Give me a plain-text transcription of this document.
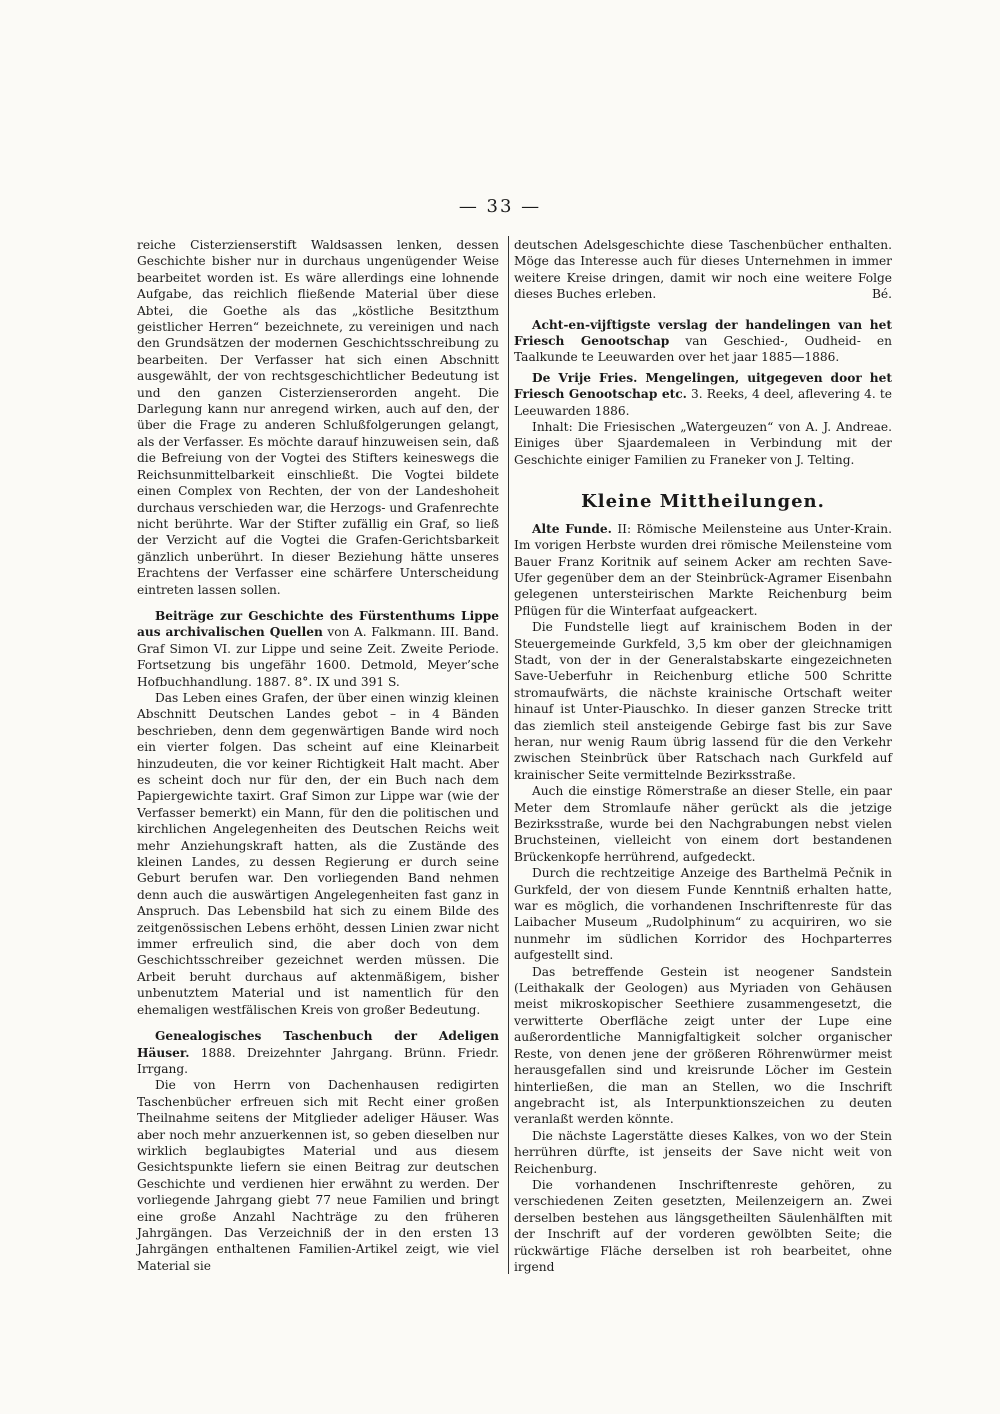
— 33 —

reiche Cisterzienserstift Waldsassen lenken, dessen Geschichte bisher nur in durchaus ungenügender Weise bearbeitet worden ist. Es wäre allerdings eine lohnende Aufgabe, das reichlich fließende Material über diese Abtei, die Goethe als das „köstliche Besitzthum geistlicher Herren“ bezeichnete, zu vereinigen und nach den Grundsätzen der modernen Geschichtsschreibung zu bearbeiten. Der Verfasser hat sich einen Abschnitt ausgewählt, der von rechtsgeschichtlicher Bedeutung ist und den ganzen Cisterzienserorden angeht. Die Darlegung kann nur anregend wirken, auch auf den, der über die Frage zu anderen Schlußfolgerungen gelangt, als der Verfasser. Es möchte darauf hinzuweisen sein, daß die Befreiung von der Vogtei des Stifters keineswegs die Reichsunmittelbarkeit einschließt. Die Vogtei bildete einen Complex von Rechten, der von der Landeshoheit durchaus verschieden war, die Herzogs- und Grafenrechte nicht berührte. War der Stifter zufällig ein Graf, so ließ der Verzicht auf die Vogtei die Grafen-Gerichtsbarkeit gänzlich unberührt. In dieser Beziehung hätte unseres Erachtens der Verfasser eine schärfere Unterscheidung eintreten lassen sollen.

Beiträge zur Geschichte des Fürstenthums Lippe aus archivalischen Quellen von A. Falkmann. III. Band. Graf Simon VI. zur Lippe und seine Zeit. Zweite Periode. Fortsetzung bis ungefähr 1600. Detmold, Meyer’sche Hofbuchhandlung. 1887. 8°. IX und 391 S.

Das Leben eines Grafen, der über einen winzig kleinen Abschnitt Deutschen Landes gebot – in 4 Bänden beschrieben, denn dem gegenwärtigen Bande wird noch ein vierter folgen. Das scheint auf eine Kleinarbeit hinzudeuten, die vor keiner Richtigkeit Halt macht. Aber es scheint doch nur für den, der ein Buch nach dem Papiergewichte taxirt. Graf Simon zur Lippe war (wie der Verfasser bemerkt) ein Mann, für den die politischen und kirchlichen Angelegenheiten des Deutschen Reichs weit mehr Anziehungskraft hatten, als die Zustände des kleinen Landes, zu dessen Regierung er durch seine Geburt berufen war. Den vorliegenden Band nehmen denn auch die auswärtigen Angelegenheiten fast ganz in Anspruch. Das Lebensbild hat sich zu einem Bilde des zeitgenössischen Lebens erhöht, dessen Linien zwar nicht immer erfreulich sind, die aber doch von dem Geschichtsschreiber gezeichnet werden müssen. Die Arbeit beruht durchaus auf aktenmäßigem, bisher unbenutztem Material und ist namentlich für den ehemaligen westfälischen Kreis von großer Bedeutung.

Genealogisches Taschenbuch der Adeligen Häuser. 1888. Dreizehnter Jahrgang. Brünn. Friedr. Irrgang.

Die von Herrn von Dachenhausen redigirten Taschenbücher erfreuen sich mit Recht einer großen Theilnahme seitens der Mitglieder adeliger Häuser. Was aber noch mehr anzuerkennen ist, so geben dieselben nur wirklich beglaubigtes Material und aus diesem Gesichtspunkte liefern sie einen Beitrag zur deutschen Geschichte und verdienen hier erwähnt zu werden. Der vorliegende Jahrgang giebt 77 neue Familien und bringt eine große Anzahl Nachträge zu den früheren Jahrgängen. Das Verzeichniß der in den ersten 13 Jahrgängen enthaltenen Familien-Artikel zeigt, wie viel Material sie

deutschen Adelsgeschichte diese Taschenbücher enthalten. Möge das Interesse auch für dieses Unternehmen in immer weitere Kreise dringen, damit wir noch eine weitere Folge dieses Buches erleben.	Bé.

Acht-en-vijftigste verslag der handelingen van het Friesch Genootschap van Geschied-, Oudheid- en Taalkunde te Leeuwarden over het jaar 1885—1886.

De Vrije Fries. Mengelingen, uitgegeven door het Friesch Genootschap etc. 3. Reeks, 4 deel, aflevering 4. te Leeuwarden 1886.

Inhalt: Die Friesischen „Watergeuzen“ von A. J. Andreae. Einiges über Sjaardemaleen in Verbindung mit der Geschichte einiger Familien zu Franeker von J. Telting.

Kleine Mittheilungen.

Alte Funde. II: Römische Meilensteine aus Unter-Krain. Im vorigen Herbste wurden drei römische Meilensteine vom Bauer Franz Koritnik auf seinem Acker am rechten Save-Ufer gegenüber dem an der Steinbrück-Agramer Eisenbahn gelegenen untersteirischen Markte Reichenburg beim Pflügen für die Winterfaat aufgeackert.

Die Fundstelle liegt auf krainischem Boden in der Steuergemeinde Gurkfeld, 3,5 km ober der gleichnamigen Stadt, von der in der Generalstabskarte eingezeichneten Save-Ueberfuhr in Reichenburg etliche 500 Schritte stromaufwärts, die nächste krainische Ortschaft weiter hinauf ist Unter-Piauschko. In dieser ganzen Strecke tritt das ziemlich steil ansteigende Gebirge fast bis zur Save heran, nur wenig Raum übrig lassend für die den Verkehr zwischen Steinbrück über Ratschach nach Gurkfeld auf krainischer Seite vermittelnde Bezirksstraße.

Auch die einstige Römerstraße an dieser Stelle, ein paar Meter dem Stromlaufe näher gerückt als die jetzige Bezirksstraße, wurde bei den Nachgrabungen nebst vielen Bruchsteinen, vielleicht von einem dort bestandenen Brückenkopfe herrührend, aufgedeckt.

Durch die rechtzeitige Anzeige des Barthelmä Pečnik in Gurkfeld, der von diesem Funde Kenntniß erhalten hatte, war es möglich, die vorhandenen Inschriftenreste für das Laibacher Museum „Rudolphinum“ zu acquiriren, wo sie nunmehr im südlichen Korridor des Hochparterres aufgestellt sind.

Das betreffende Gestein ist neogener Sandstein (Leithakalk der Geologen) aus Myriaden von Gehäusen meist mikroskopischer Seethiere zusammengesetzt, die verwitterte Oberfläche zeigt unter der Lupe eine außerordentliche Mannigfaltigkeit solcher organischer Reste, von denen jene der größeren Röhrenwürmer meist herausgefallen sind und kreisrunde Löcher im Gestein hinterließen, die man an Stellen, wo die Inschrift angebracht ist, als Interpunktionszeichen zu deuten veranlaßt werden könnte.

Die nächste Lagerstätte dieses Kalkes, von wo der Stein herrühren dürfte, ist jenseits der Save nicht weit von Reichenburg.

Die vorhandenen Inschriftenreste gehören, zu verschiedenen Zeiten gesetzten, Meilenzeigern an. Zwei derselben bestehen aus längsgetheilten Säulenhälften mit der Inschrift auf der vorderen gewölbten Seite; die rückwärtige Fläche derselben ist roh bearbeitet, ohne irgend
